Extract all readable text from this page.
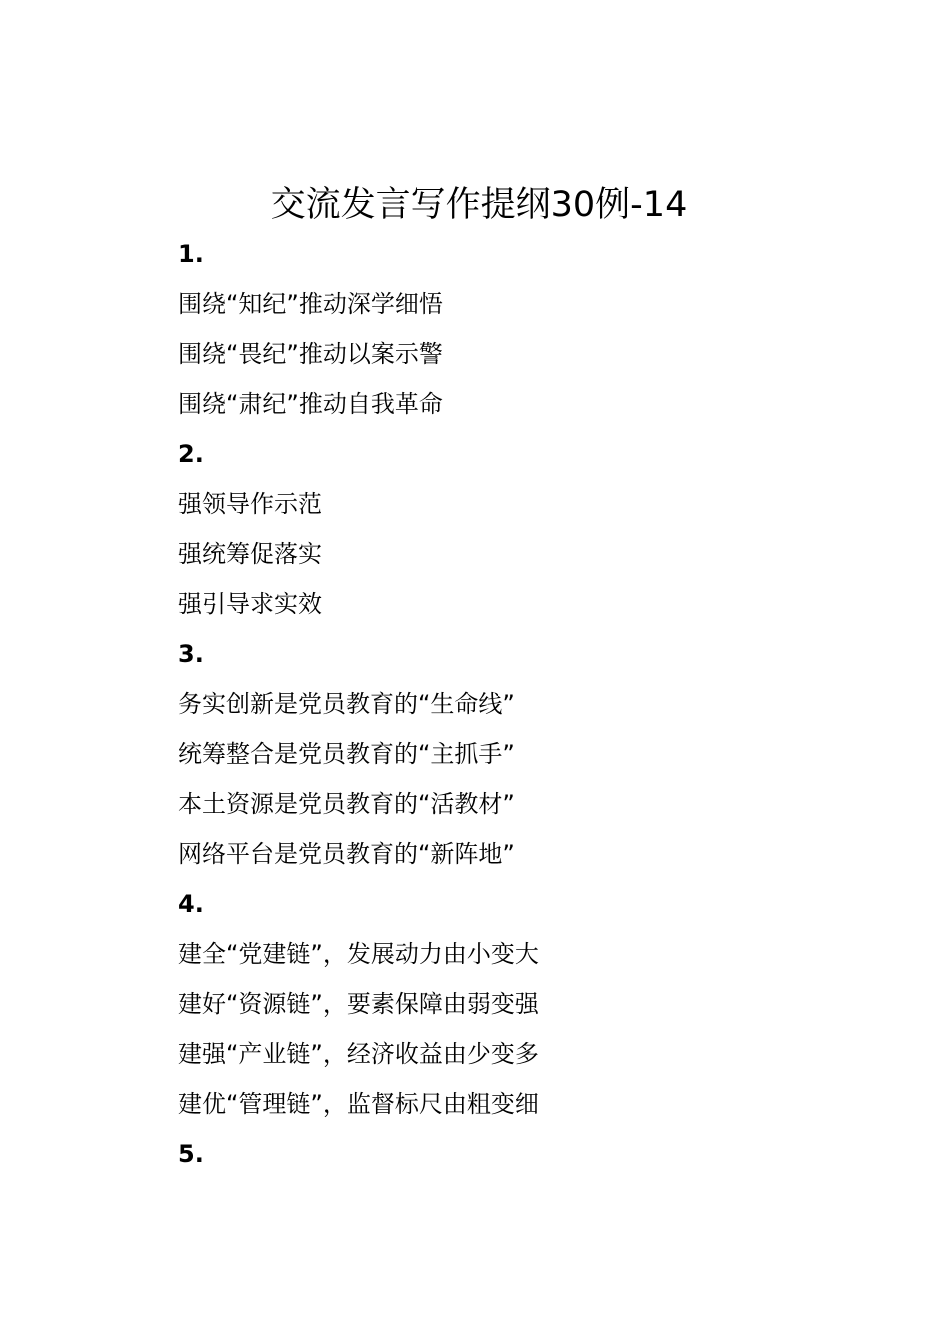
交流发言写作提纲30例-14
1.
围绕“知纪”推动深学细悟
围绕“畏纪”推动以案示警
围绕“肃纪”推动自我革命
2.
强领导作示范
强统筹促落实
强引导求实效
3.
务实创新是党员教育的“生命线”
统筹整合是党员教育的“主抓手”
本土资源是党员教育的“活教材”
网络平台是党员教育的“新阵地”
4.
建全“党建链”，发展动力由小变大
建好“资源链”，要素保障由弱变强
建强“产业链”，经济收益由少变多
建优“管理链”，监督标尺由粗变细
5.
